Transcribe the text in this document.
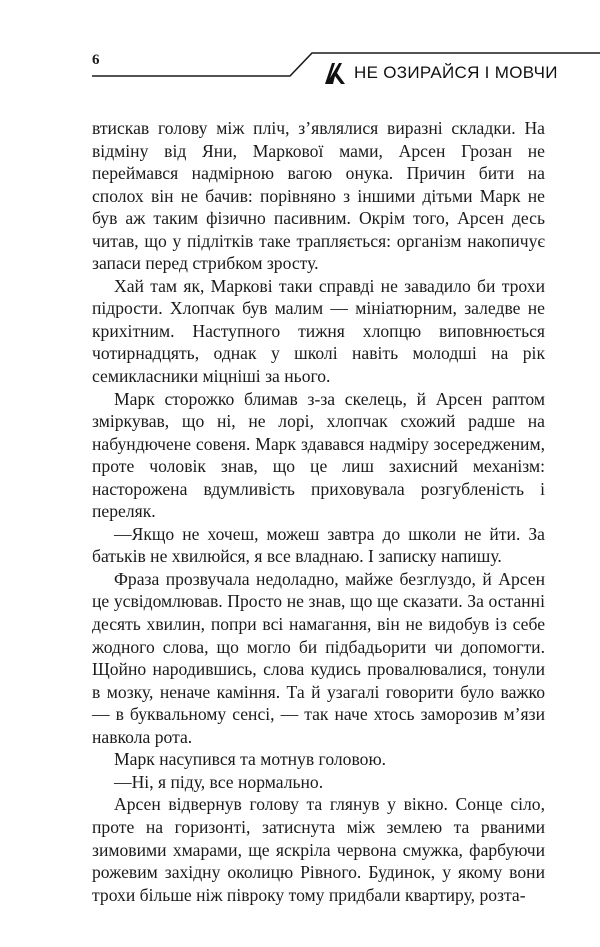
6
НЕ ОЗИРАЙСЯ І МОВЧИ

втискав голову між пліч, з’являлися виразні складки. На відміну від Яни, Маркової мами, Арсен Грозан не переймався надмірною вагою онука. Причин бити на сполох він не бачив: порівняно з іншими дітьми Марк не був аж таким фізично пасивним. Окрім того, Арсен десь читав, що у підлітків таке трапляється: організм накопичує запаси перед стрибком зросту.

Хай там як, Маркові таки справді не завадило би трохи підрости. Хлопчак був малим — мініатюрним, заледве не крихітним. Наступного тижня хлопцю виповнюється чотирнадцять, однак у школі навіть молодші на рік семикласники міцніші за нього.

Марк сторожко блимав з-за скелець, й Арсен раптом зміркував, що ні, не лорі, хлопчак схожий радше на набундючене совеня. Марк здавався надміру зосередженим, проте чоловік знав, що це лиш захисний механізм: насторожена вдумливість приховувала розгубленість і переляк.

—Якщо не хочеш, можеш завтра до школи не йти. За батьків не хвилюйся, я все владнаю. І записку напишу.

Фраза прозвучала недоладно, майже безглуздо, й Арсен це усвідомлював. Просто не знав, що ще сказати. За останні десять хвилин, попри всі намагання, він не видобув із себе жодного слова, що могло би підбадьорити чи допомогти. Щойно народившись, слова кудись провалювалися, тонули в мозку, неначе каміння. Та й узагалі говорити було важко — в буквальному сенсі, — так наче хтось заморозив м’язи навкола рота.

Марк насупився та мотнув головою.

—Ні, я піду, все нормально.

Арсен відвернув голову та глянув у вікно. Сонце сіло, проте на горизонті, затиснута між землею та рваними зимовими хмарами, ще яскріла червона смужка, фарбуючи рожевим західну околицю Рівного. Будинок, у якому вони трохи більше ніж півроку тому придбали квартиру, розта-
